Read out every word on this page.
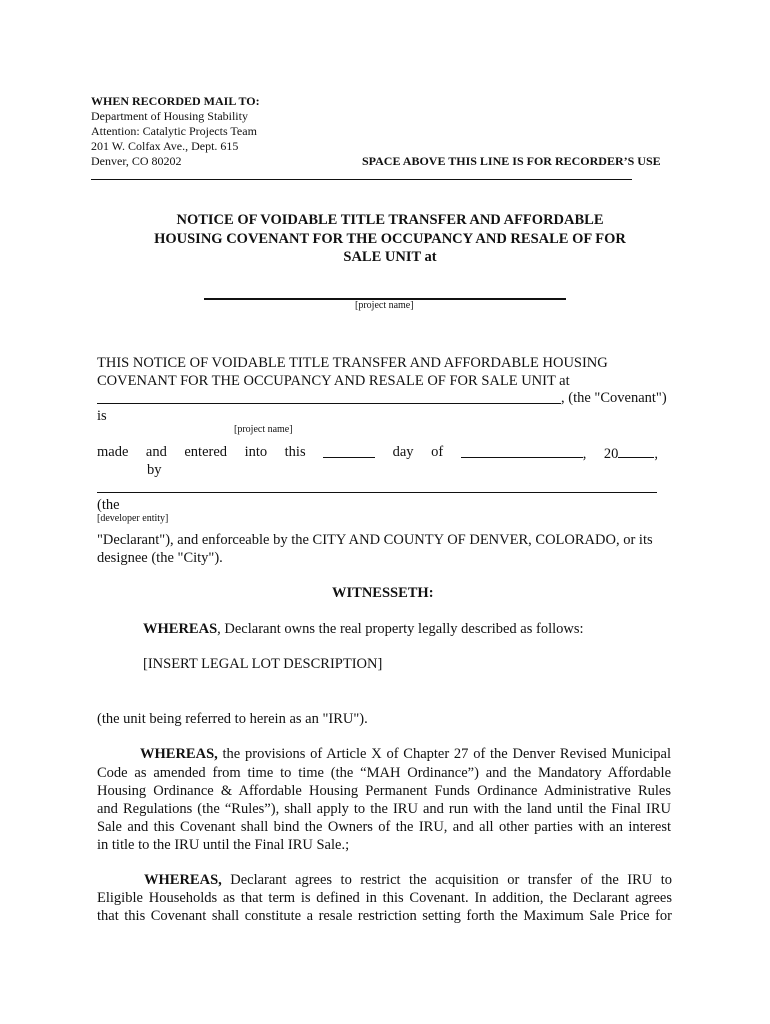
WHEN RECORDED MAIL TO:
Department of Housing Stability
Attention: Catalytic Projects Team
201 W. Colfax Ave., Dept. 615
Denver, CO 80202	SPACE ABOVE THIS LINE IS FOR RECORDER’S USE
NOTICE OF VOIDABLE TITLE TRANSFER AND AFFORDABLE
HOUSING COVENANT FOR THE OCCUPANCY AND RESALE OF FOR
SALE UNIT at
[project name]
THIS NOTICE OF VOIDABLE TITLE TRANSFER AND AFFORDABLE HOUSING
COVENANT FOR THE OCCUPANCY AND RESALE OF FOR SALE UNIT at
, (the "Covenant")
is
[project name]
made and entered into this	day of	, 20 ,
by
(the
[developer entity]
"Declarant"), and enforceable by the CITY AND COUNTY OF DENVER, COLORADO, or its
designee (the "City").
WITNESSETH:
WHEREAS, Declarant owns the real property legally described as follows:
[INSERT LEGAL LOT DESCRIPTION]
(the unit being referred to herein as an "IRU").
WHEREAS, the provisions of Article X of Chapter 27 of the Denver Revised Municipal
Code as amended from time to time (the “MAH Ordinance”) and the Mandatory Affordable
Housing Ordinance & Affordable Housing Permanent Funds Ordinance Administrative Rules
and Regulations (the “Rules”), shall apply to the IRU and run with the land until the Final IRU
Sale and this Covenant shall bind the Owners of the IRU, and all other parties with an interest
in title to the IRU until the Final IRU Sale.;
WHEREAS, Declarant agrees to restrict the acquisition or transfer of the IRU to
Eligible Households as that term is defined in this Covenant. In addition, the Declarant agrees
that this Covenant shall constitute a resale restriction setting forth the Maximum Sale Price for
